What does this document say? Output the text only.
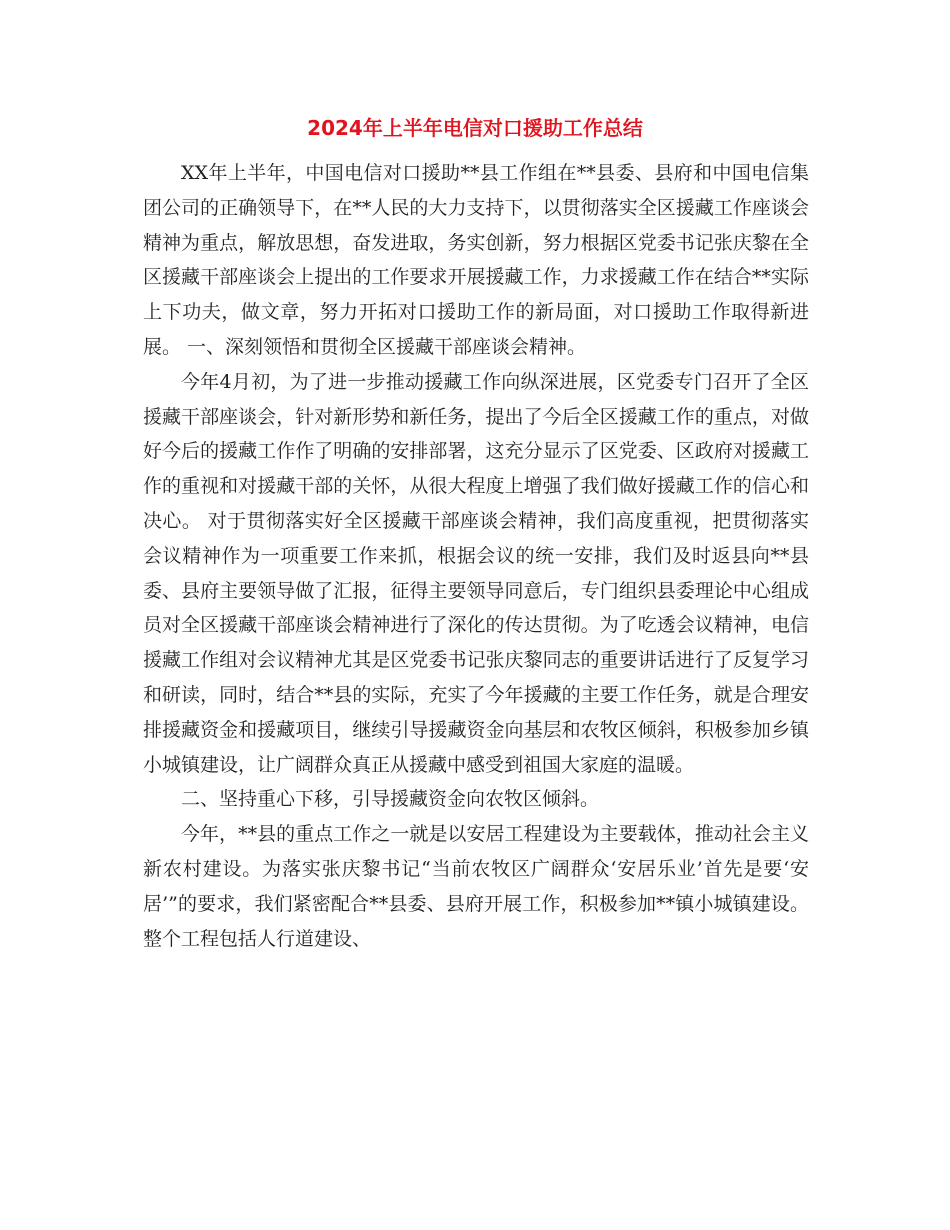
2024年上半年电信对口援助工作总结

XX年上半年，中国电信对口援助**县工作组在**县委、县府和中国电信集团公司的正确领导下，在**人民的大力支持下，以贯彻落实全区援藏工作座谈会精神为重点，解放思想，奋发进取，务实创新，努力根据区党委书记张庆黎在全区援藏干部座谈会上提出的工作要求开展援藏工作，力求援藏工作在结合**实际上下功夫，做文章，努力开拓对口援助工作的新局面，对口援助工作取得新进展。 一、深刻领悟和贯彻全区援藏干部座谈会精神。

今年4月初，为了进一步推动援藏工作向纵深进展，区党委专门召开了全区援藏干部座谈会，针对新形势和新任务，提出了今后全区援藏工作的重点，对做好今后的援藏工作作了明确的安排部署，这充分显示了区党委、区政府对援藏工作的重视和对援藏干部的关怀，从很大程度上增强了我们做好援藏工作的信心和决心。 对于贯彻落实好全区援藏干部座谈会精神，我们高度重视，把贯彻落实会议精神作为一项重要工作来抓，根据会议的统一安排，我们及时返县向**县委、县府主要领导做了汇报，征得主要领导同意后，专门组织县委理论中心组成员对全区援藏干部座谈会精神进行了深化的传达贯彻。为了吃透会议精神，电信援藏工作组对会议精神尤其是区党委书记张庆黎同志的重要讲话进行了反复学习和研读，同时，结合**县的实际，充实了今年援藏的主要工作任务，就是合理安排援藏资金和援藏项目，继续引导援藏资金向基层和农牧区倾斜，积极参加乡镇小城镇建设，让广阔群众真正从援藏中感受到祖国大家庭的温暖。

二、坚持重心下移，引导援藏资金向农牧区倾斜。

今年，**县的重点工作之一就是以安居工程建设为主要载体，推动社会主义新农村建设。为落实张庆黎书记“当前农牧区广阔群众‘安居乐业’首先是要‘安居’”的要求，我们紧密配合**县委、县府开展工作，积极参加**镇小城镇建设。整个工程包括人行道建设、
